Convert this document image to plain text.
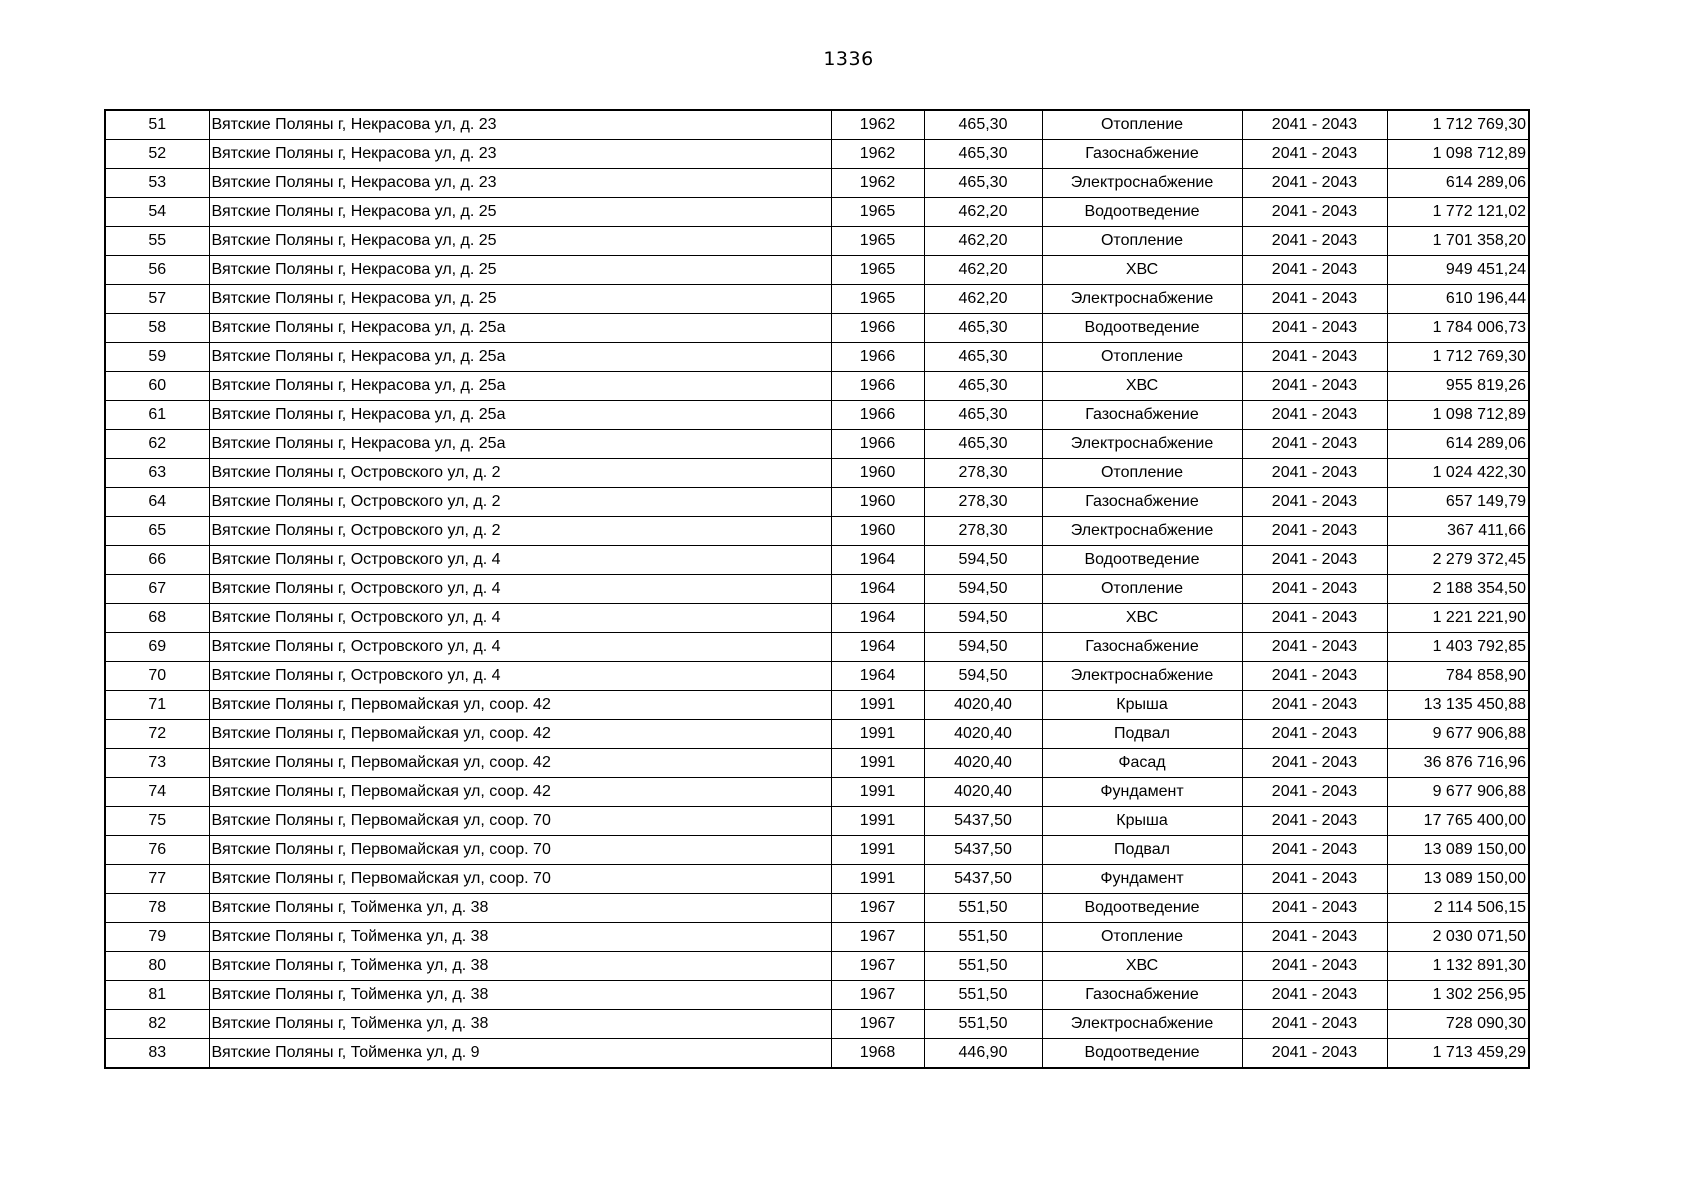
1336
51	Вятские Поляны г, Некрасова ул, д. 23	1962	465,30	Отопление	2041 - 2043	1 712 769,30
52	Вятские Поляны г, Некрасова ул, д. 23	1962	465,30	Газоснабжение	2041 - 2043	1 098 712,89
53	Вятские Поляны г, Некрасова ул, д. 23	1962	465,30	Электроснабжение	2041 - 2043	614 289,06
54	Вятские Поляны г, Некрасова ул, д. 25	1965	462,20	Водоотведение	2041 - 2043	1 772 121,02
55	Вятские Поляны г, Некрасова ул, д. 25	1965	462,20	Отопление	2041 - 2043	1 701 358,20
56	Вятские Поляны г, Некрасова ул, д. 25	1965	462,20	ХВС	2041 - 2043	949 451,24
57	Вятские Поляны г, Некрасова ул, д. 25	1965	462,20	Электроснабжение	2041 - 2043	610 196,44
58	Вятские Поляны г, Некрасова ул, д. 25а	1966	465,30	Водоотведение	2041 - 2043	1 784 006,73
59	Вятские Поляны г, Некрасова ул, д. 25а	1966	465,30	Отопление	2041 - 2043	1 712 769,30
60	Вятские Поляны г, Некрасова ул, д. 25а	1966	465,30	ХВС	2041 - 2043	955 819,26
61	Вятские Поляны г, Некрасова ул, д. 25а	1966	465,30	Газоснабжение	2041 - 2043	1 098 712,89
62	Вятские Поляны г, Некрасова ул, д. 25а	1966	465,30	Электроснабжение	2041 - 2043	614 289,06
63	Вятские Поляны г, Островского ул, д. 2	1960	278,30	Отопление	2041 - 2043	1 024 422,30
64	Вятские Поляны г, Островского ул, д. 2	1960	278,30	Газоснабжение	2041 - 2043	657 149,79
65	Вятские Поляны г, Островского ул, д. 2	1960	278,30	Электроснабжение	2041 - 2043	367 411,66
66	Вятские Поляны г, Островского ул, д. 4	1964	594,50	Водоотведение	2041 - 2043	2 279 372,45
67	Вятские Поляны г, Островского ул, д. 4	1964	594,50	Отопление	2041 - 2043	2 188 354,50
68	Вятские Поляны г, Островского ул, д. 4	1964	594,50	ХВС	2041 - 2043	1 221 221,90
69	Вятские Поляны г, Островского ул, д. 4	1964	594,50	Газоснабжение	2041 - 2043	1 403 792,85
70	Вятские Поляны г, Островского ул, д. 4	1964	594,50	Электроснабжение	2041 - 2043	784 858,90
71	Вятские Поляны г, Первомайская ул, соор. 42	1991	4020,40	Крыша	2041 - 2043	13 135 450,88
72	Вятские Поляны г, Первомайская ул, соор. 42	1991	4020,40	Подвал	2041 - 2043	9 677 906,88
73	Вятские Поляны г, Первомайская ул, соор. 42	1991	4020,40	Фасад	2041 - 2043	36 876 716,96
74	Вятские Поляны г, Первомайская ул, соор. 42	1991	4020,40	Фундамент	2041 - 2043	9 677 906,88
75	Вятские Поляны г, Первомайская ул, соор. 70	1991	5437,50	Крыша	2041 - 2043	17 765 400,00
76	Вятские Поляны г, Первомайская ул, соор. 70	1991	5437,50	Подвал	2041 - 2043	13 089 150,00
77	Вятские Поляны г, Первомайская ул, соор. 70	1991	5437,50	Фундамент	2041 - 2043	13 089 150,00
78	Вятские Поляны г, Тойменка ул, д. 38	1967	551,50	Водоотведение	2041 - 2043	2 114 506,15
79	Вятские Поляны г, Тойменка ул, д. 38	1967	551,50	Отопление	2041 - 2043	2 030 071,50
80	Вятские Поляны г, Тойменка ул, д. 38	1967	551,50	ХВС	2041 - 2043	1 132 891,30
81	Вятские Поляны г, Тойменка ул, д. 38	1967	551,50	Газоснабжение	2041 - 2043	1 302 256,95
82	Вятские Поляны г, Тойменка ул, д. 38	1967	551,50	Электроснабжение	2041 - 2043	728 090,30
83	Вятские Поляны г, Тойменка ул, д. 9	1968	446,90	Водоотведение	2041 - 2043	1 713 459,29
